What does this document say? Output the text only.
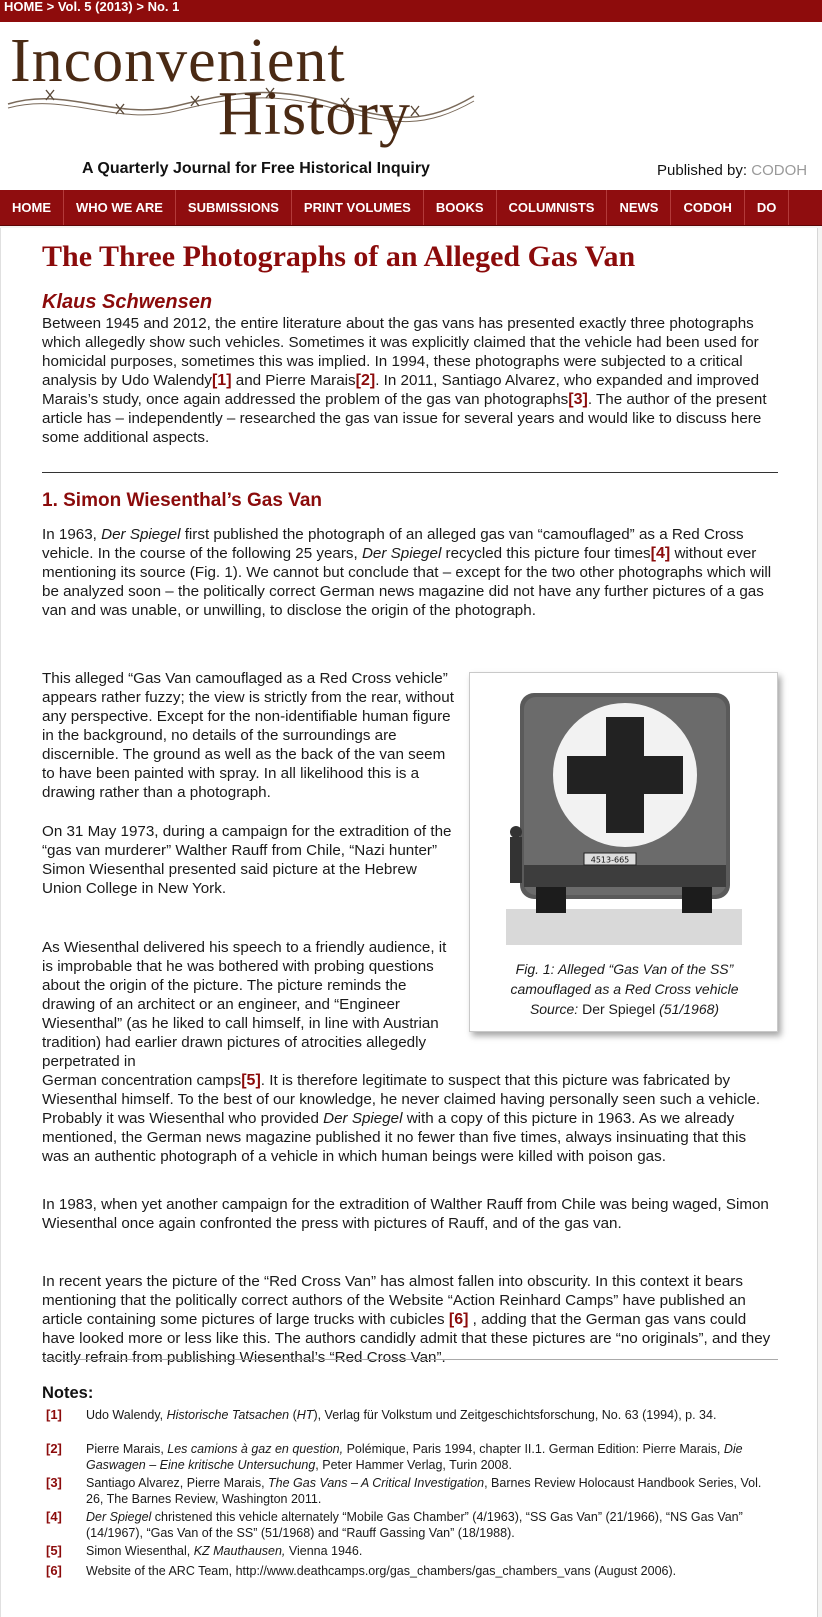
HOME > Vol. 5 (2013) > No. 1
Inconvenient
History
A Quarterly Journal for Free Historical Inquiry	Published by: CODOH
HOME	WHO WE ARE	SUBMISSIONS	PRINT VOLUMES	BOOKS	COLUMNISTS	NEWS	CODOH	DO
The Three Photographs of an Alleged Gas Van
Klaus Schwensen

Between 1945 and 2012, the entire literature about the gas vans has presented exactly three photographs which allegedly show such vehicles. Sometimes it was explicitly claimed that the vehicle had been used for homicidal purposes, sometimes this was implied. In 1994, these photographs were subjected to a critical analysis by Udo Walendy[1] and Pierre Marais[2]. In 2011, Santiago Alvarez, who expanded and improved Marais’s study, once again addressed the problem of the gas van photographs[3]. The author of the present article has – independently – researched the gas van issue for several years and would like to discuss here some additional aspects.

1. Simon Wiesenthal’s Gas Van

In 1963, Der Spiegel first published the photograph of an alleged gas van “camouflaged” as a Red Cross vehicle. In the course of the following 25 years, Der Spiegel recycled this picture four times[4] without ever mentioning its source (Fig. 1). We cannot but conclude that – except for the two other photographs which will be analyzed soon – the politically correct German news magazine did not have any further pictures of a gas van and was unable, or unwilling, to disclose the origin of the photograph.

This alleged “Gas Van camouflaged as a Red Cross vehicle” appears rather fuzzy; the view is strictly from the rear, without any perspective. Except for the non-identifiable human figure in the background, no details of the surroundings are discernible. The ground as well as the back of the van seem to have been painted with spray. In all likelihood this is a drawing rather than a photograph.

On 31 May 1973, during a campaign for the extradition of the “gas van murderer” Walther Rauff from Chile, “Nazi hunter” Simon Wiesenthal presented said picture at the Hebrew Union College in New York.

As Wiesenthal delivered his speech to a friendly audience, it is improbable that he was bothered with probing questions about the origin of the picture. The picture reminds the drawing of an architect or an engineer, and “Engineer Wiesenthal” (as he liked to call himself, in line with Austrian tradition) had earlier drawn pictures of atrocities allegedly perpetrated in

German concentration camps[5]. It is therefore legitimate to suspect that this picture was fabricated by Wiesenthal himself. To the best of our knowledge, he never claimed having personally seen such a vehicle. Probably it was Wiesenthal who provided Der Spiegel with a copy of this picture in 1963. As we already mentioned, the German news magazine published it no fewer than five times, always insinuating that this was an authentic photograph of a vehicle in which human beings were killed with poison gas.

In 1983, when yet another campaign for the extradition of Walther Rauff from Chile was being waged, Simon Wiesenthal once again confronted the press with pictures of Rauff, and of the gas van.

In recent years the picture of the “Red Cross Van” has almost fallen into obscurity. In this context it bears mentioning that the politically correct authors of the Website “Action Reinhard Camps” have published an article containing some pictures of large trucks with cubicles [6] , adding that the German gas vans could have looked more or less like this. The authors candidly admit that these pictures are “no originals”, and they tacitly refrain from publishing Wiesenthal’s “Red Cross Van”.

4513-665
Fig. 1: Alleged “Gas Van of the SS”
camouflaged as a Red Cross vehicle
Source: Der Spiegel (51/1968)
Notes:
[1] Udo Walendy, Historische Tatsachen (HT), Verlag für Volkstum und Zeitgeschichtsforschung, No. 63 (1994), p. 34.
[2] Pierre Marais, Les camions à gaz en question, Polémique, Paris 1994, chapter II.1. German Edition: Pierre Marais, Die Gaswagen – Eine kritische Untersuchung, Peter Hammer Verlag, Turin 2008.
[3] Santiago Alvarez, Pierre Marais, The Gas Vans – A Critical Investigation, Barnes Review Holocaust Handbook Series, Vol. 26, The Barnes Review, Washington 2011.
[4] Der Spiegel christened this vehicle alternately “Mobile Gas Chamber” (4/1963), “SS Gas Van” (21/1966), “NS Gas Van” (14/1967), “Gas Van of the SS” (51/1968) and “Rauff Gassing Van” (18/1988).
[5] Simon Wiesenthal, KZ Mauthausen, Vienna 1946.
[6] Website of the ARC Team, http://www.deathcamps.org/gas_chambers/gas_chambers_vans (August 2006).
